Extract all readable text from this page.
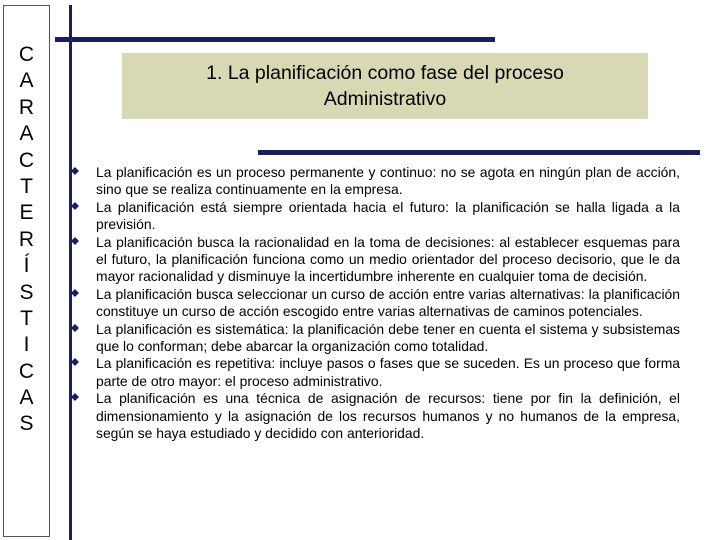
C
A
R
A
C
T
E
R
Í
S
T
I
C
A
S
1. La planificación como fase del proceso
Administrativo
La planificación es un proceso permanente y continuo: no se agota en ningún plan de acción, sino que se realiza continuamente en la empresa.
La planificación está siempre orientada hacia el futuro: la planificación se halla ligada a la previsión.
La planificación busca la racionalidad en la toma de decisiones: al establecer esquemas para el futuro, la planificación funciona como un medio orientador del proceso decisorio, que le da mayor racionalidad y disminuye la incertidumbre inherente en cualquier toma de decisión.
La planificación busca seleccionar un curso de acción entre varias alternativas: la planificación constituye un curso de acción escogido entre varias alternativas de caminos potenciales.
La planificación es sistemática: la planificación debe tener en cuenta el sistema y subsistemas que lo conforman; debe abarcar la organización como totalidad.
La planificación es repetitiva: incluye pasos o fases que se suceden. Es un proceso que forma parte de otro mayor: el proceso administrativo.
La planificación es una técnica de asignación de recursos: tiene por fin la definición, el dimensionamiento y la asignación de los recursos humanos y no humanos de la empresa, según se haya estudiado y decidido con anterioridad.
